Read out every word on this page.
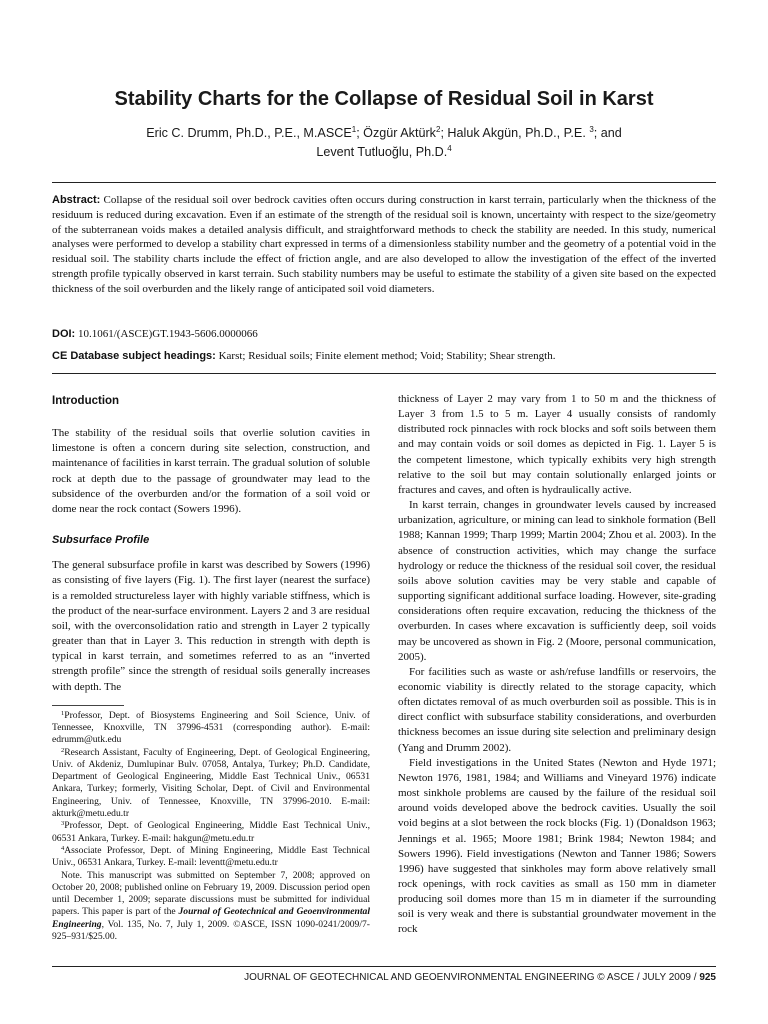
Stability Charts for the Collapse of Residual Soil in Karst
Eric C. Drumm, Ph.D., P.E., M.ASCE$^1$; Özgür Aktürk$^2$; Haluk Akgün, Ph.D., P.E. $^3$; and
Levent Tutluoğlu, Ph.D.$^4$
Abstract: Collapse of the residual soil over bedrock cavities often occurs during construction in karst terrain, particularly when the thickness of the residuum is reduced during excavation. Even if an estimate of the strength of the residual soil is known, uncertainty with respect to the size/geometry of the subterranean voids makes a detailed analysis difficult, and straightforward methods to check the stability are needed. In this study, numerical analyses were performed to develop a stability chart expressed in terms of a dimensionless stability number and the geometry of a potential void in the residual soil. The stability charts include the effect of friction angle, and are also developed to allow the investigation of the effect of the inverted strength profile typically observed in karst terrain. Such stability numbers may be useful to estimate the stability of a given site based on the expected thickness of the soil overburden and the likely range of anticipated soil void diameters.
DOI: 10.1061/(ASCE)GT.1943-5606.0000066
CE Database subject headings: Karst; Residual soils; Finite element method; Void; Stability; Shear strength.
Introduction

The stability of the residual soils that overlie solution cavities in limestone is often a concern during site selection, construction, and maintenance of facilities in karst terrain. The gradual solution of soluble rock at depth due to the passage of groundwater may lead to the subsidence of the overburden and/or the formation of a soil void or dome near the rock contact (Sowers 1996).

Subsurface Profile

The general subsurface profile in karst was described by Sowers (1996) as consisting of five layers (Fig. 1). The first layer (nearest the surface) is a remolded structureless layer with highly variable stiffness, which is the product of the near-surface environment. Layers 2 and 3 are residual soil, with the overconsolidation ratio and strength in Layer 2 typically greater than that in Layer 3. This reduction in strength with depth is typical in karst terrain, and sometimes referred to as an “inverted strength profile” since the strength of residual soils generally increases with depth. The

$^1$Professor, Dept. of Biosystems Engineering and Soil Science, Univ. of Tennessee, Knoxville, TN 37996-4531 (corresponding author). E-mail: edrumm@utk.edu

$^2$Research Assistant, Faculty of Engineering, Dept. of Geological Engineering, Univ. of Akdeniz, Dumlupinar Bulv. 07058, Antalya, Turkey; Ph.D. Candidate, Department of Geological Engineering, Middle East Technical Univ., 06531 Ankara, Turkey; formerly, Visiting Scholar, Dept. of Civil and Environmental Engineering, Univ. of Tennessee, Knoxville, TN 37996-2010. E-mail: akturk@metu.edu.tr

$^3$Professor, Dept. of Geological Engineering, Middle East Technical Univ., 06531 Ankara, Turkey. E-mail: hakgun@metu.edu.tr

$^4$Associate Professor, Dept. of Mining Engineering, Middle East Technical Univ., 06531 Ankara, Turkey. E-mail: leventt@metu.edu.tr

Note. This manuscript was submitted on September 7, 2008; approved on October 20, 2008; published online on February 19, 2009. Discussion period open until December 1, 2009; separate discussions must be submitted for individual papers. This paper is part of the Journal of Geotechnical and Geoenvironmental Engineering, Vol. 135, No. 7, July 1, 2009. ©ASCE, ISSN 1090-0241/2009/7-925–931/$25.00.

thickness of Layer 2 may vary from 1 to 50 m and the thickness of Layer 3 from 1.5 to 5 m. Layer 4 usually consists of randomly distributed rock pinnacles with rock blocks and soft soils between them and may contain voids or soil domes as depicted in Fig. 1. Layer 5 is the competent limestone, which typically exhibits very high strength relative to the soil but may contain solutionally enlarged joints or fractures and caves, and often is hydraulically active.

In karst terrain, changes in groundwater levels caused by increased urbanization, agriculture, or mining can lead to sinkhole formation (Bell 1988; Kannan 1999; Tharp 1999; Martin 2004; Zhou et al. 2003). In the absence of construction activities, which may change the surface hydrology or reduce the thickness of the residual soil cover, the residual soils above solution cavities may be very stable and capable of supporting significant additional surface loading. However, site-grading considerations often require excavation, reducing the thickness of the overburden. In cases where excavation is sufficiently deep, soil voids may be uncovered as shown in Fig. 2 (Moore, personal communication, 2005).

For facilities such as waste or ash/refuse landfills or reservoirs, the economic viability is directly related to the storage capacity, which often dictates removal of as much overburden soil as possible. This is in direct conflict with subsurface stability considerations, and overburden thickness becomes an issue during site selection and preliminary design (Yang and Drumm 2002).

Field investigations in the United States (Newton and Hyde 1971; Newton 1976, 1981, 1984; and Williams and Vineyard 1976) indicate most sinkhole problems are caused by the failure of the residual soil around voids developed above the bedrock cavities. Usually the soil void begins at a slot between the rock blocks (Fig. 1) (Donaldson 1963; Jennings et al. 1965; Moore 1981; Brink 1984; Newton 1984; and Sowers 1996). Field investigations (Newton and Tanner 1986; Sowers 1996) have suggested that sinkholes may form above relatively small rock openings, with rock cavities as small as 150 mm in diameter producing soil domes more than 15 m in diameter if the surrounding soil is very weak and there is substantial groundwater movement in the rock

JOURNAL OF GEOTECHNICAL AND GEOENVIRONMENTAL ENGINEERING © ASCE / JULY 2009 / 925
